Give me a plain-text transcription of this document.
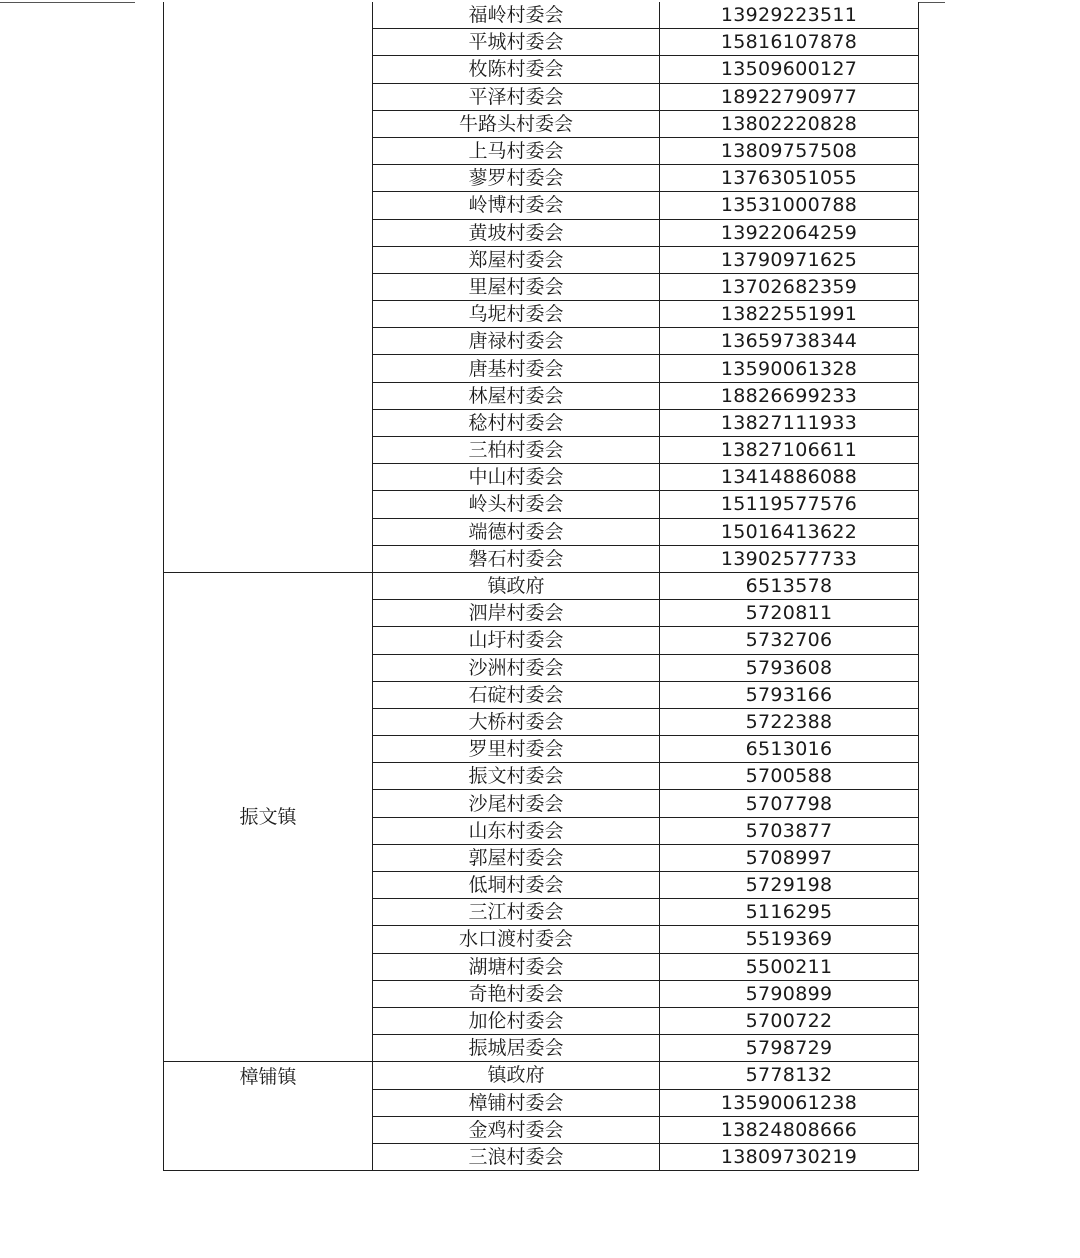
	福岭村委会	13929223511
	平城村委会	15816107878
	枚陈村委会	13509600127
	平泽村委会	18922790977
	牛路头村委会	13802220828
	上马村委会	13809757508
	蓼罗村委会	13763051055
	岭博村委会	13531000788
	黄坡村委会	13922064259
	郑屋村委会	13790971625
	里屋村委会	13702682359
	乌坭村委会	13822551991
	唐禄村委会	13659738344
	唐基村委会	13590061328
	林屋村委会	18826699233
	稔村村委会	13827111933
	三柏村委会	13827106611
	中山村委会	13414886088
	岭头村委会	15119577576
	端德村委会	15016413622
	磐石村委会	13902577733
振文镇	镇政府	6513578
	泗岸村委会	5720811
	山圩村委会	5732706
	沙洲村委会	5793608
	石碇村委会	5793166
	大桥村委会	5722388
	罗里村委会	6513016
	振文村委会	5700588
	沙尾村委会	5707798
	山东村委会	5703877
	郭屋村委会	5708997
	低垌村委会	5729198
	三江村委会	5116295
	水口渡村委会	5519369
	湖塘村委会	5500211
	奇艳村委会	5790899
	加伦村委会	5700722
	振城居委会	5798729
樟铺镇	镇政府	5778132
	樟铺村委会	13590061238
	金鸡村委会	13824808666
	三浪村委会	13809730219
